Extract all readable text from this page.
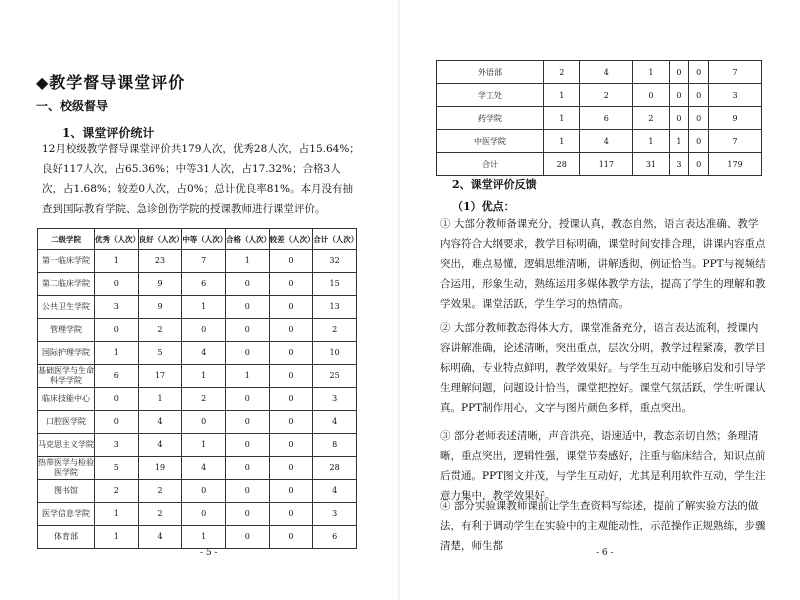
◆教学督导课堂评价
一、校级督导
1、课堂评价统计

12月校级教学督导课堂评价共179人次，优秀28人次，占15.64%；良好117人次，占65.36%；中等31人次，占17.32%；合格3人次，占1.68%；较差0人次，占0%；总计优良率81%。本月没有抽查到国际教育学院、急诊创伤学院的授课教师进行课堂评价。

二级学院	优秀（人次）	良好（人次）	中等（人次）	合格（人次）	较差（人次）	合计（人次）
第一临床学院	1	23	7	1	0	32
第二临床学院	0	9	6	0	0	15
公共卫生学院	3	9	1	0	0	13
管理学院	0	2	0	0	0	2
国际护理学院	1	5	4	0	0	10
基础医学与生命科学学院	6	17	1	1	0	25
临床技能中心	0	1	2	0	0	3
口腔医学院	0	4	0	0	0	4
马克思主义学院	3	4	1	0	0	8
热带医学与检验医学院	5	19	4	0	0	28
图书馆	2	2	0	0	0	4
医学信息学院	1	2	0	0	0	3
体育部	1	4	1	0	0	6
- 5 -
外语部	2	4	1	0	0	7
学工处	1	2	0	0	0	3
药学院	1	6	2	0	0	9
中医学院	1	4	1	1	0	7
合计	28	117	31	3	0	179
2、课堂评价反馈
（1）优点：

① 大部分教师备课充分，授课认真，教态自然，语言表达准确、教学内容符合大纲要求，教学目标明确，课堂时间安排合理，讲课内容重点突出，难点易懂，逻辑思维清晰，讲解透彻，例证恰当。PPT与视频结合运用，形象生动，熟练运用多媒体教学方法，提高了学生的理解和教学效果。课堂活跃，学生学习的热情高。

② 大部分教师教态得体大方，课堂准备充分，语言表达流利，授课内容讲解准确，论述清晰，突出重点，层次分明，教学过程紧凑，教学目标明确，专业特点鲜明，教学效果好。与学生互动中能够启发和引导学生理解问题，问题设计恰当，课堂把控好。课堂气氛活跃，学生听课认真。PPT制作用心，文字与图片颜色多样，重点突出。

③ 部分老师表述清晰，声音洪亮，语速适中，教态亲切自然；条理清晰，重点突出，逻辑性强，课堂节奏感好，注重与临床结合，知识点前后贯通。PPT图文并茂，与学生互动好，尤其是利用软件互动，学生注意力集中，教学效果好。

④ 部分实验课教师课前让学生查资料写综述，提前了解实验方法的做法，有利于调动学生在实验中的主观能动性，示范操作正规熟练，步骤清楚，师生都

- 6 -
